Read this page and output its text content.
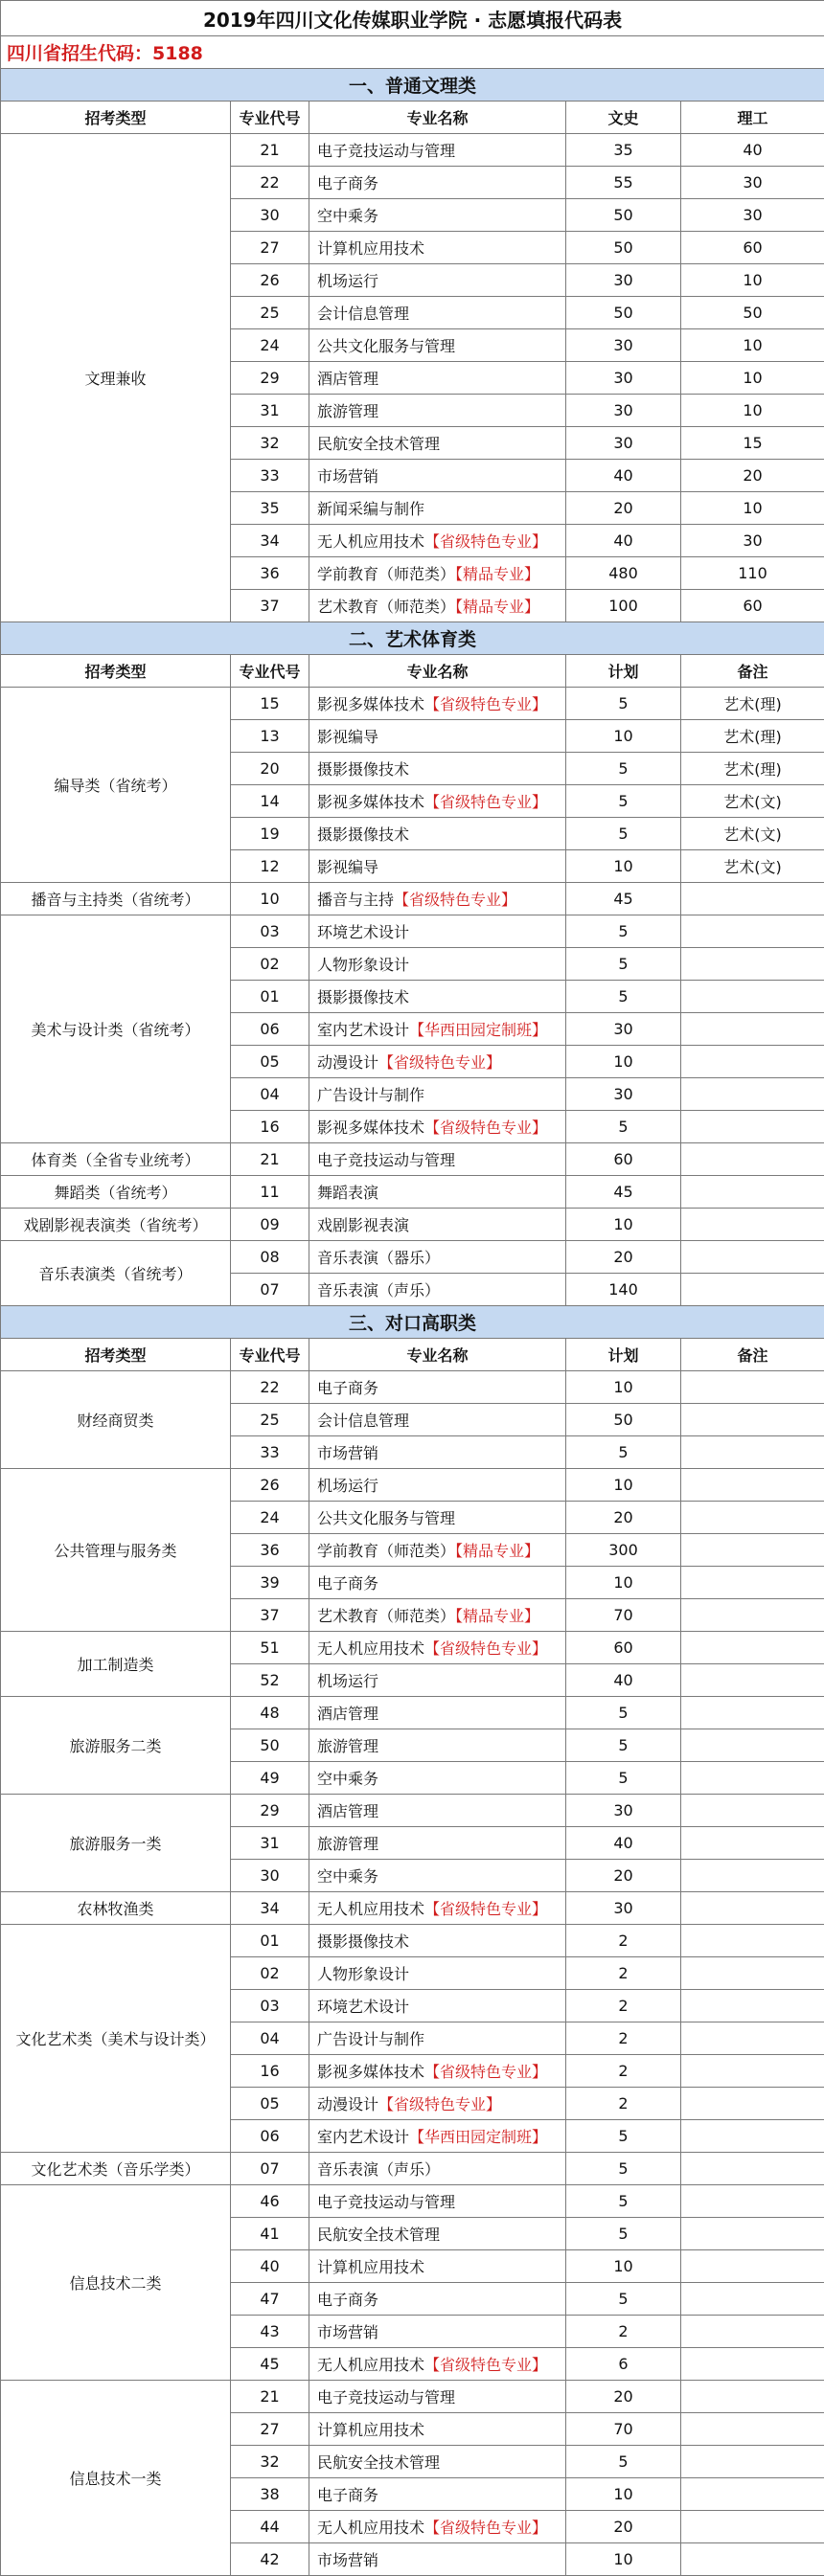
2019年四川文化传媒职业学院 · 志愿填报代码表				
四川省招生代码：5188				
一、普通文理类				
招考类型	专业代号	专业名称	文史	理工
文理兼收	21	电子竞技运动与管理	35	40
	22	电子商务	55	30
	30	空中乘务	50	30
	27	计算机应用技术	50	60
	26	机场运行	30	10
	25	会计信息管理	50	50
	24	公共文化服务与管理	30	10
	29	酒店管理	30	10
	31	旅游管理	30	10
	32	民航安全技术管理	30	15
	33	市场营销	40	20
	35	新闻采编与制作	20	10
	34	无人机应用技术【省级特色专业】	40	30
	36	学前教育（师范类）【精品专业】	480	110
	37	艺术教育（师范类）【精品专业】	100	60
二、艺术体育类				
招考类型	专业代号	专业名称	计划	备注
编导类（省统考）	15	影视多媒体技术【省级特色专业】	5	艺术(理)
	13	影视编导	10	艺术(理)
	20	摄影摄像技术	5	艺术(理)
	14	影视多媒体技术【省级特色专业】	5	艺术(文)
	19	摄影摄像技术	5	艺术(文)
	12	影视编导	10	艺术(文)
播音与主持类（省统考）	10	播音与主持【省级特色专业】	45	
美术与设计类（省统考）	03	环境艺术设计	5	
	02	人物形象设计	5	
	01	摄影摄像技术	5	
	06	室内艺术设计【华西田园定制班】	30	
	05	动漫设计【省级特色专业】	10	
	04	广告设计与制作	30	
	16	影视多媒体技术【省级特色专业】	5	
体育类（全省专业统考）	21	电子竞技运动与管理	60	
舞蹈类（省统考）	11	舞蹈表演	45	
戏剧影视表演类（省统考）	09	戏剧影视表演	10	
音乐表演类（省统考）	08	音乐表演（器乐）	20	
	07	音乐表演（声乐）	140	
三、对口高职类				
招考类型	专业代号	专业名称	计划	备注
财经商贸类	22	电子商务	10	
	25	会计信息管理	50	
	33	市场营销	5	
公共管理与服务类	26	机场运行	10	
	24	公共文化服务与管理	20	
	36	学前教育（师范类）【精品专业】	300	
	39	电子商务	10	
	37	艺术教育（师范类）【精品专业】	70	
加工制造类	51	无人机应用技术【省级特色专业】	60	
	52	机场运行	40	
旅游服务二类	48	酒店管理	5	
	50	旅游管理	5	
	49	空中乘务	5	
旅游服务一类	29	酒店管理	30	
	31	旅游管理	40	
	30	空中乘务	20	
农林牧渔类	34	无人机应用技术【省级特色专业】	30	
文化艺术类（美术与设计类）	01	摄影摄像技术	2	
	02	人物形象设计	2	
	03	环境艺术设计	2	
	04	广告设计与制作	2	
	16	影视多媒体技术【省级特色专业】	2	
	05	动漫设计【省级特色专业】	2	
	06	室内艺术设计【华西田园定制班】	5	
文化艺术类（音乐学类）	07	音乐表演（声乐）	5	
信息技术二类	46	电子竞技运动与管理	5	
	41	民航安全技术管理	5	
	40	计算机应用技术	10	
	47	电子商务	5	
	43	市场营销	2	
	45	无人机应用技术【省级特色专业】	6	
信息技术一类	21	电子竞技运动与管理	20	
	27	计算机应用技术	70	
	32	民航安全技术管理	5	
	38	电子商务	10	
	44	无人机应用技术【省级特色专业】	20	
	42	市场营销	10	
